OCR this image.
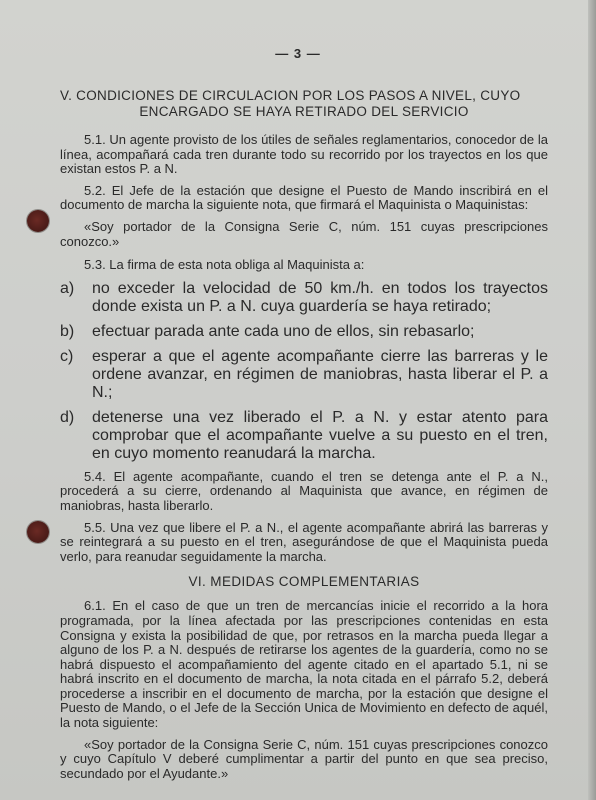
— 3 —
V. CONDICIONES DE CIRCULACION POR LOS PASOS A NIVEL, CUYO
ENCARGADO SE HAYA RETIRADO DEL SERVICIO

5.1. Un agente provisto de los útiles de señales reglamentarios, conocedor de la línea, acompañará cada tren durante todo su recorrido por los trayectos en los que existan estos P. a N.

5.2. El Jefe de la estación que designe el Puesto de Mando inscribirá en el documento de marcha la siguiente nota, que firmará el Maquinista o Maquinistas:

«Soy portador de la Consigna Serie C, núm. 151 cuyas prescripciones conozco.»

5.3. La firma de esta nota obliga al Maquinista a:

a)	no exceder la velocidad de 50 km./h. en todos los trayectos donde exista un P. a N. cuya guardería se haya retirado;
b)	efectuar parada ante cada uno de ellos, sin rebasarlo;
c)	esperar a que el agente acompañante cierre las barreras y le ordene avanzar, en régimen de maniobras, hasta liberar el P. a N.;
d)	detenerse una vez liberado el P. a N. y estar atento para comprobar que el acompañante vuelve a su puesto en el tren, en cuyo momento reanudará la marcha.

5.4. El agente acompañante, cuando el tren se detenga ante el P. a N., procederá a su cierre, ordenando al Maquinista que avance, en régimen de maniobras, hasta liberarlo.

5.5. Una vez que libere el P. a N., el agente acompañante abrirá las barreras y se reintegrará a su puesto en el tren, asegurándose de que el Maquinista pueda verlo, para reanudar seguidamente la marcha.

VI. MEDIDAS COMPLEMENTARIAS

6.1. En el caso de que un tren de mercancías inicie el recorrido a la hora programada, por la línea afectada por las prescripciones contenidas en esta Consigna y exista la posibilidad de que, por retrasos en la marcha pueda llegar a alguno de los P. a N. después de retirarse los agentes de la guardería, como no se habrá dispuesto el acompañamiento del agente citado en el apartado 5.1, ni se habrá inscrito en el documento de marcha, la nota citada en el párrafo 5.2, deberá procederse a inscribir en el documento de marcha, por la estación que designe el Puesto de Mando, o el Jefe de la Sección Unica de Movimiento en defecto de aquél, la nota siguiente:

«Soy portador de la Consigna Serie C, núm. 151 cuyas prescripciones conozco y cuyo Capítulo V deberé cumplimentar a partir del punto en que sea preciso, secundado por el Ayudante.»
